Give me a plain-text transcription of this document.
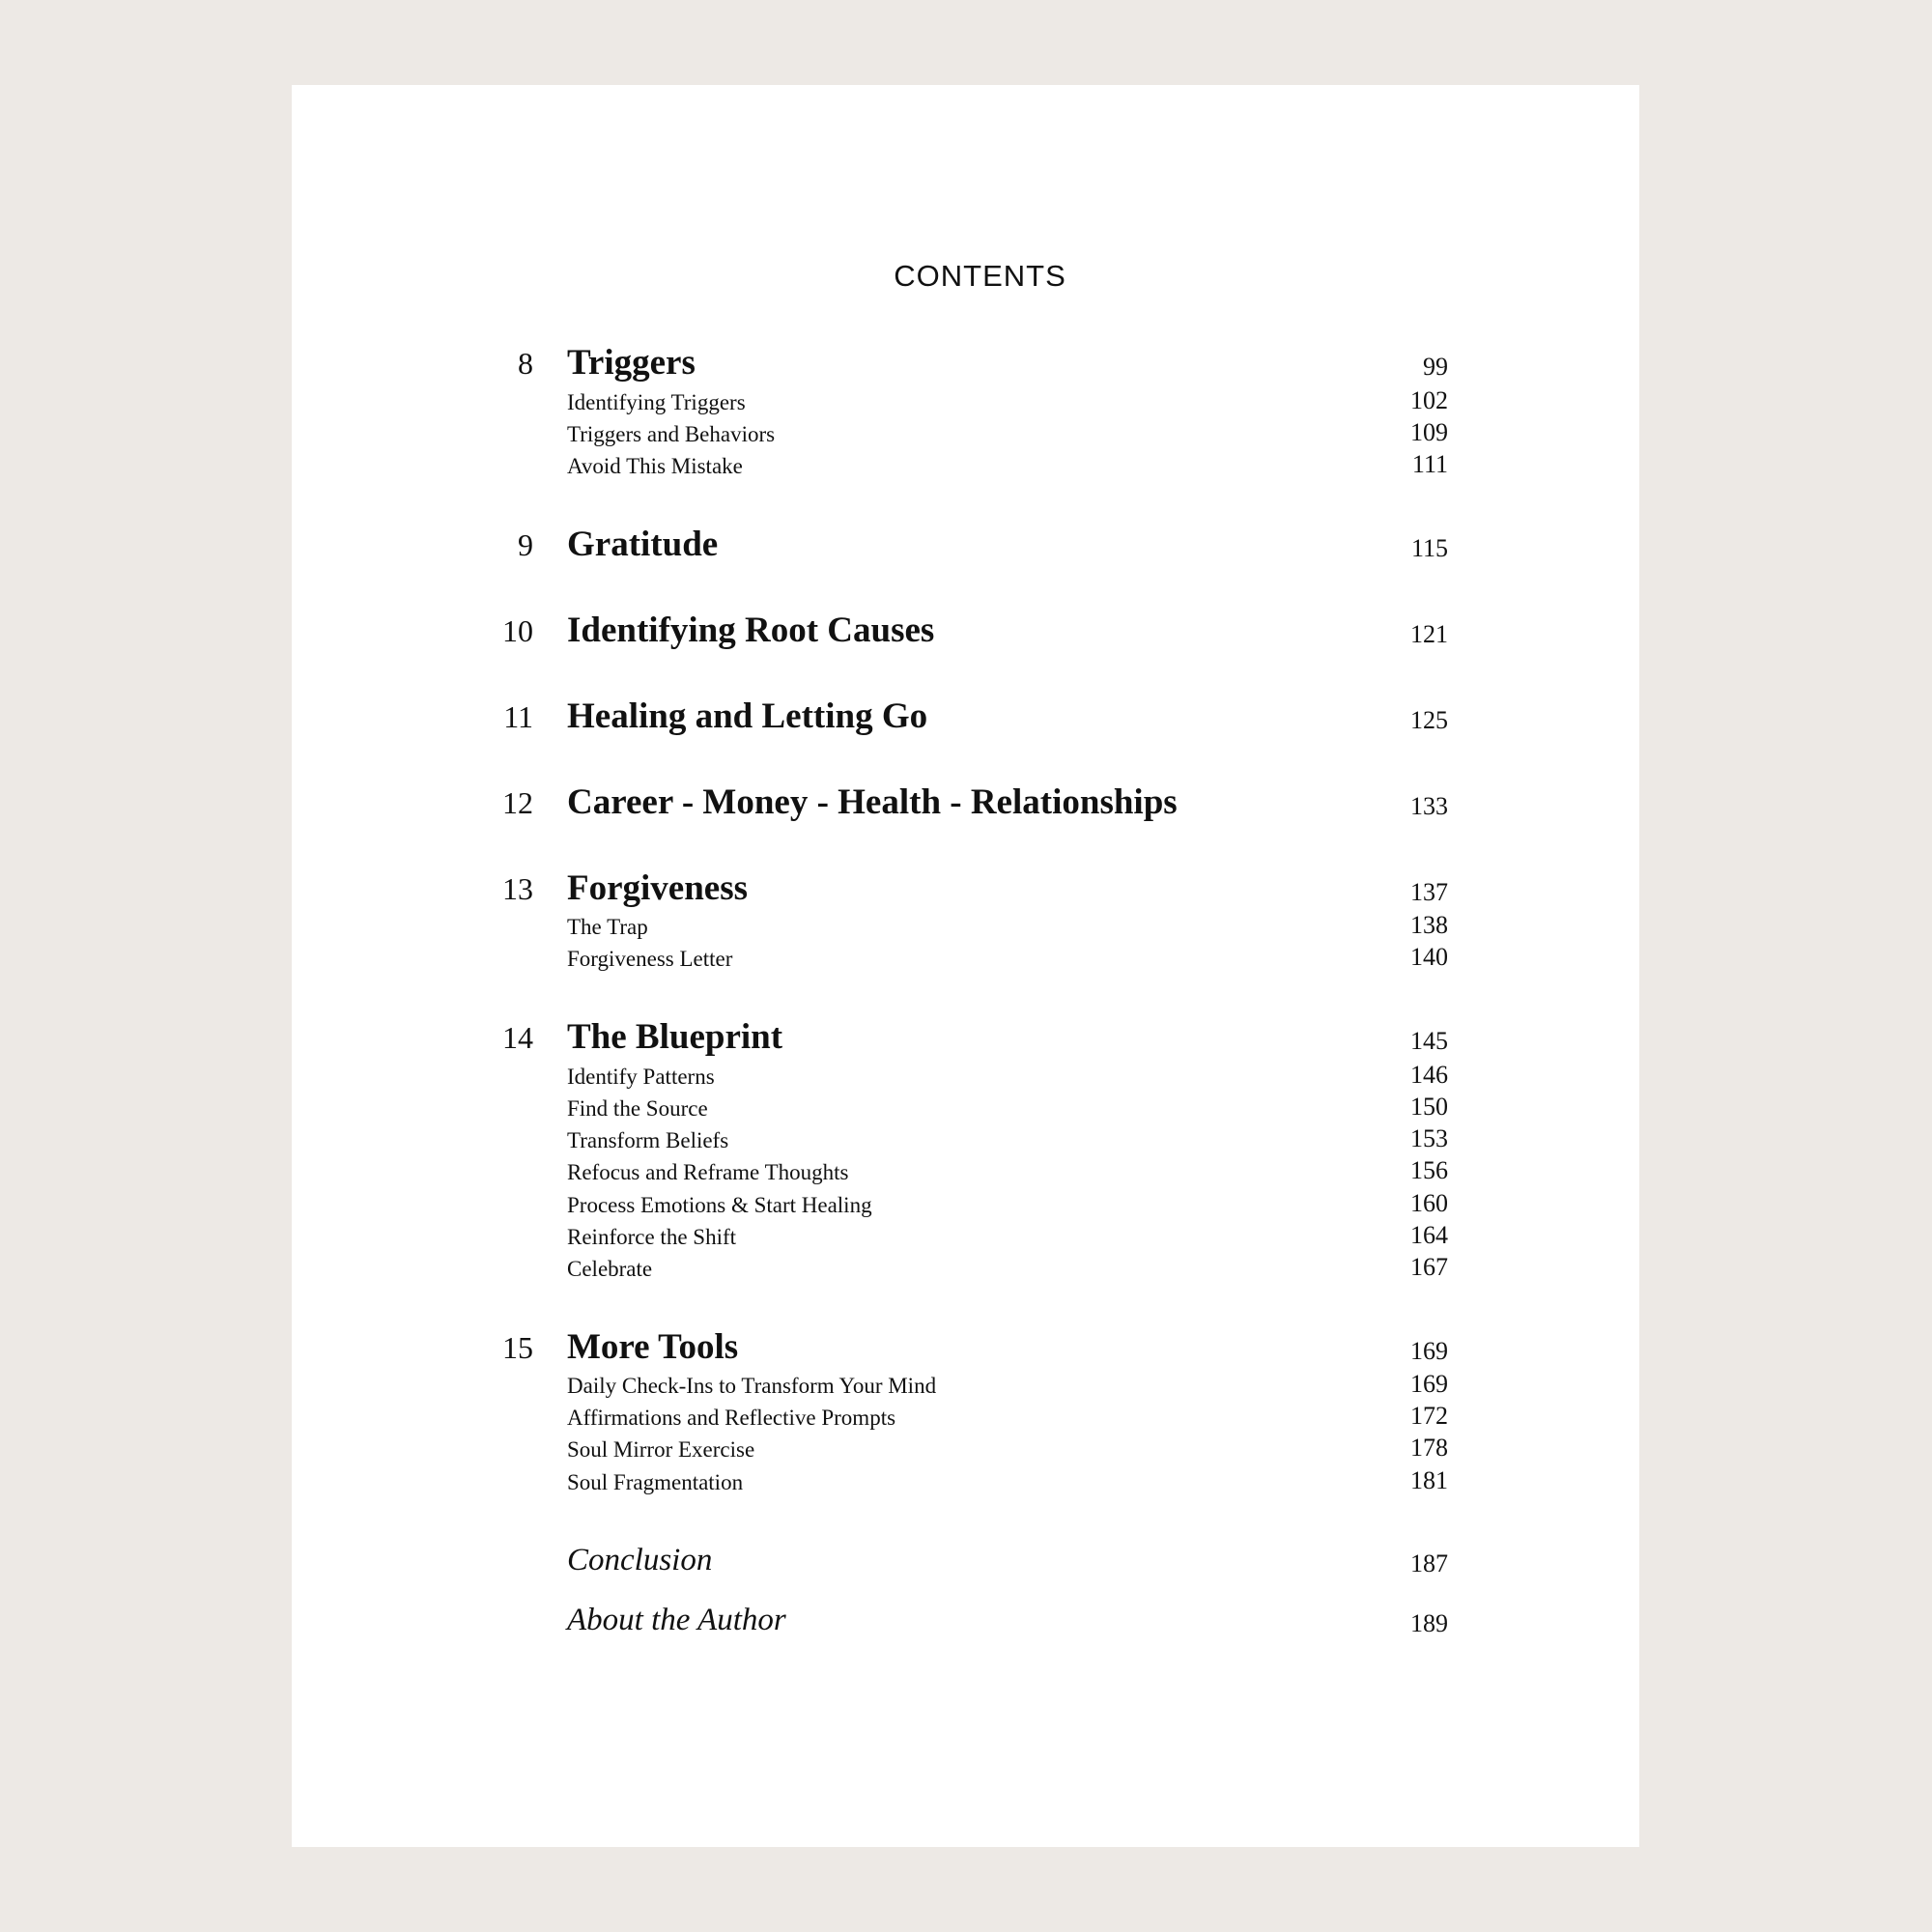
CONTENTS
8 Triggers	99
Identifying Triggers	102
Triggers and Behaviors	109
Avoid This Mistake	111
9 Gratitude	115
10 Identifying Root Causes	121
11 Healing and Letting Go	125
12 Career - Money - Health - Relationships	133
13 Forgiveness	137
The Trap	138
Forgiveness Letter	140
14 The Blueprint	145
Identify Patterns	146
Find the Source	150
Transform Beliefs	153
Refocus and Reframe Thoughts	156
Process Emotions & Start Healing	160
Reinforce the Shift	164
Celebrate	167
15 More Tools	169
Daily Check-Ins to Transform Your Mind	169
Affirmations and Reflective Prompts	172
Soul Mirror Exercise	178
Soul Fragmentation	181
Conclusion	187
About the Author	189
